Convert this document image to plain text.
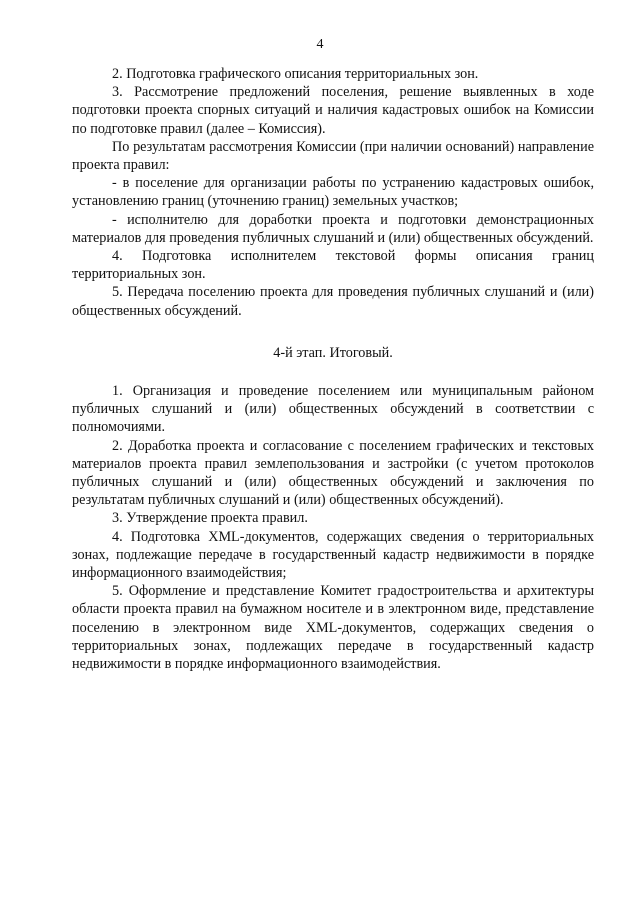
4

2. Подготовка графического описания территориальных зон.

3. Рассмотрение предложений поселения, решение выявленных в ходе подготовки проекта спорных ситуаций и наличия кадастровых ошибок на Комиссии по подготовке правил (далее – Комиссия).

По результатам рассмотрения Комиссии (при наличии оснований) направление проекта правил:

- в поселение для организации работы по устранению кадастровых ошибок, установлению границ (уточнению границ) земельных участков;

- исполнителю для доработки проекта и подготовки демонстрационных материалов для проведения публичных слушаний и (или) общественных обсуждений.

4. Подготовка исполнителем текстовой формы описания границ территориальных зон.

5. Передача поселению проекта для проведения публичных слушаний и (или) общественных обсуждений.

4-й этап. Итоговый.

1. Организация и проведение поселением или муниципальным районом публичных слушаний и (или) общественных обсуждений в соответствии с полномочиями.

2. Доработка проекта и согласование с поселением графических и текстовых материалов проекта правил землепользования и застройки (с учетом протоколов публичных слушаний и (или) общественных обсуждений и заключения по результатам публичных слушаний и (или) общественных обсуждений).

3. Утверждение проекта правил.

4. Подготовка XML-документов, содержащих сведения о территориальных зонах, подлежащие передаче в государственный кадастр недвижимости в порядке информационного взаимодействия;

5. Оформление и представление Комитет градостроительства и архитектуры области проекта правил на бумажном носителе и в электронном виде, представление поселению в электронном виде XML-документов, содержащих сведения о территориальных зонах, подлежащих передаче в государственный кадастр недвижимости в порядке информационного взаимодействия.
